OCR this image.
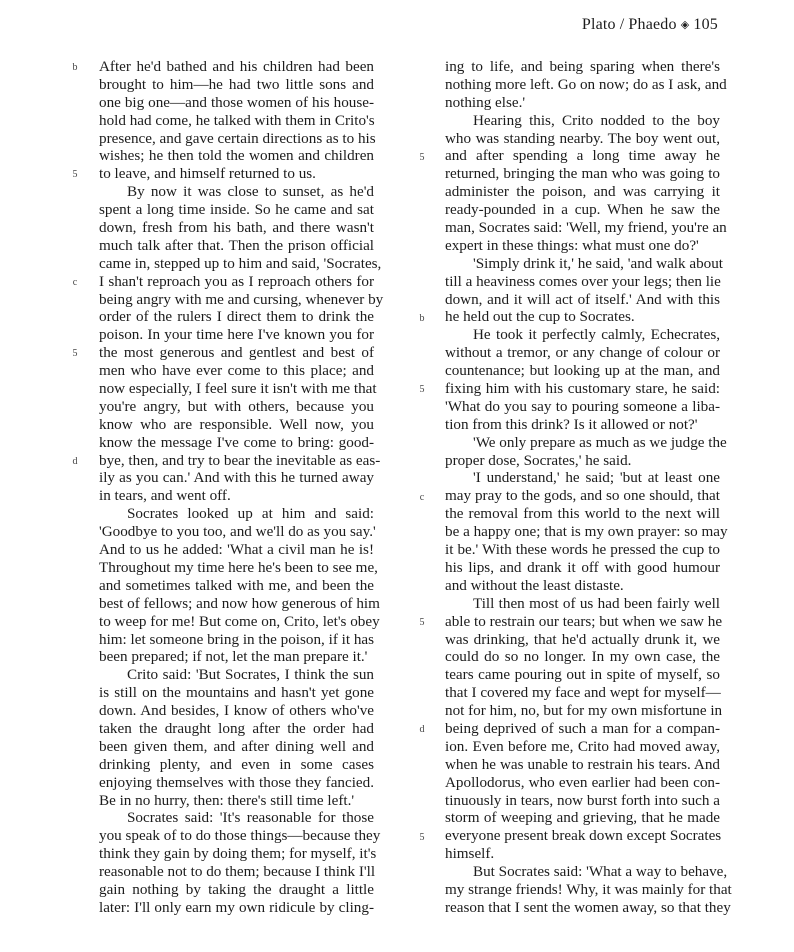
Plato / Phaedo ◈ 105
After he'd bathed and his children had been
brought to him—he had two little sons and
one big one—and those women of his house-
hold had come, he talked with them in Crito's
presence, and gave certain directions as to his
wishes; he then told the women and children
to leave, and himself returned to us.
By now it was close to sunset, as he'd
spent a long time inside. So he came and sat
down, fresh from his bath, and there wasn't
much talk after that. Then the prison official
came in, stepped up to him and said, 'Socrates,
I shan't reproach you as I reproach others for
being angry with me and cursing, whenever by
order of the rulers I direct them to drink the
poison. In your time here I've known you for
the most generous and gentlest and best of
men who have ever come to this place; and
now especially, I feel sure it isn't with me that
you're angry, but with others, because you
know who are responsible. Well now, you
know the message I've come to bring: good-
bye, then, and try to bear the inevitable as eas-
ily as you can.' And with this he turned away
in tears, and went off.
Socrates looked up at him and said:
'Goodbye to you too, and we'll do as you say.'
And to us he added: 'What a civil man he is!
Throughout my time here he's been to see me,
and sometimes talked with me, and been the
best of fellows; and now how generous of him
to weep for me! But come on, Crito, let's obey
him: let someone bring in the poison, if it has
been prepared; if not, let the man prepare it.'
Crito said: 'But Socrates, I think the sun
is still on the mountains and hasn't yet gone
down. And besides, I know of others who've
taken the draught long after the order had
been given them, and after dining well and
drinking plenty, and even in some cases
enjoying themselves with those they fancied.
Be in no hurry, then: there's still time left.'
Socrates said: 'It's reasonable for those
you speak of to do those things—because they
think they gain by doing them; for myself, it's
reasonable not to do them; because I think I'll
gain nothing by taking the draught a little
later: I'll only earn my own ridicule by cling-
ing to life, and being sparing when there's
nothing more left. Go on now; do as I ask, and
nothing else.'
Hearing this, Crito nodded to the boy
who was standing nearby. The boy went out,
and after spending a long time away he
returned, bringing the man who was going to
administer the poison, and was carrying it
ready-pounded in a cup. When he saw the
man, Socrates said: 'Well, my friend, you're an
expert in these things: what must one do?'
'Simply drink it,' he said, 'and walk about
till a heaviness comes over your legs; then lie
down, and it will act of itself.' And with this
he held out the cup to Socrates.
He took it perfectly calmly, Echecrates,
without a tremor, or any change of colour or
countenance; but looking up at the man, and
fixing him with his customary stare, he said:
'What do you say to pouring someone a liba-
tion from this drink? Is it allowed or not?'
'We only prepare as much as we judge the
proper dose, Socrates,' he said.
'I understand,' he said; 'but at least one
may pray to the gods, and so one should, that
the removal from this world to the next will
be a happy one; that is my own prayer: so may
it be.' With these words he pressed the cup to
his lips, and drank it off with good humour
and without the least distaste.
Till then most of us had been fairly well
able to restrain our tears; but when we saw he
was drinking, that he'd actually drunk it, we
could do so no longer. In my own case, the
tears came pouring out in spite of myself, so
that I covered my face and wept for myself—
not for him, no, but for my own misfortune in
being deprived of such a man for a compan-
ion. Even before me, Crito had moved away,
when he was unable to restrain his tears. And
Apollodorus, who even earlier had been con-
tinuously in tears, now burst forth into such a
storm of weeping and grieving, that he made
everyone present break down except Socrates
himself.
But Socrates said: 'What a way to behave,
my strange friends! Why, it was mainly for that
reason that I sent the women away, so that they
b
5
c
5
d
5
b
5
c
5
d
5
